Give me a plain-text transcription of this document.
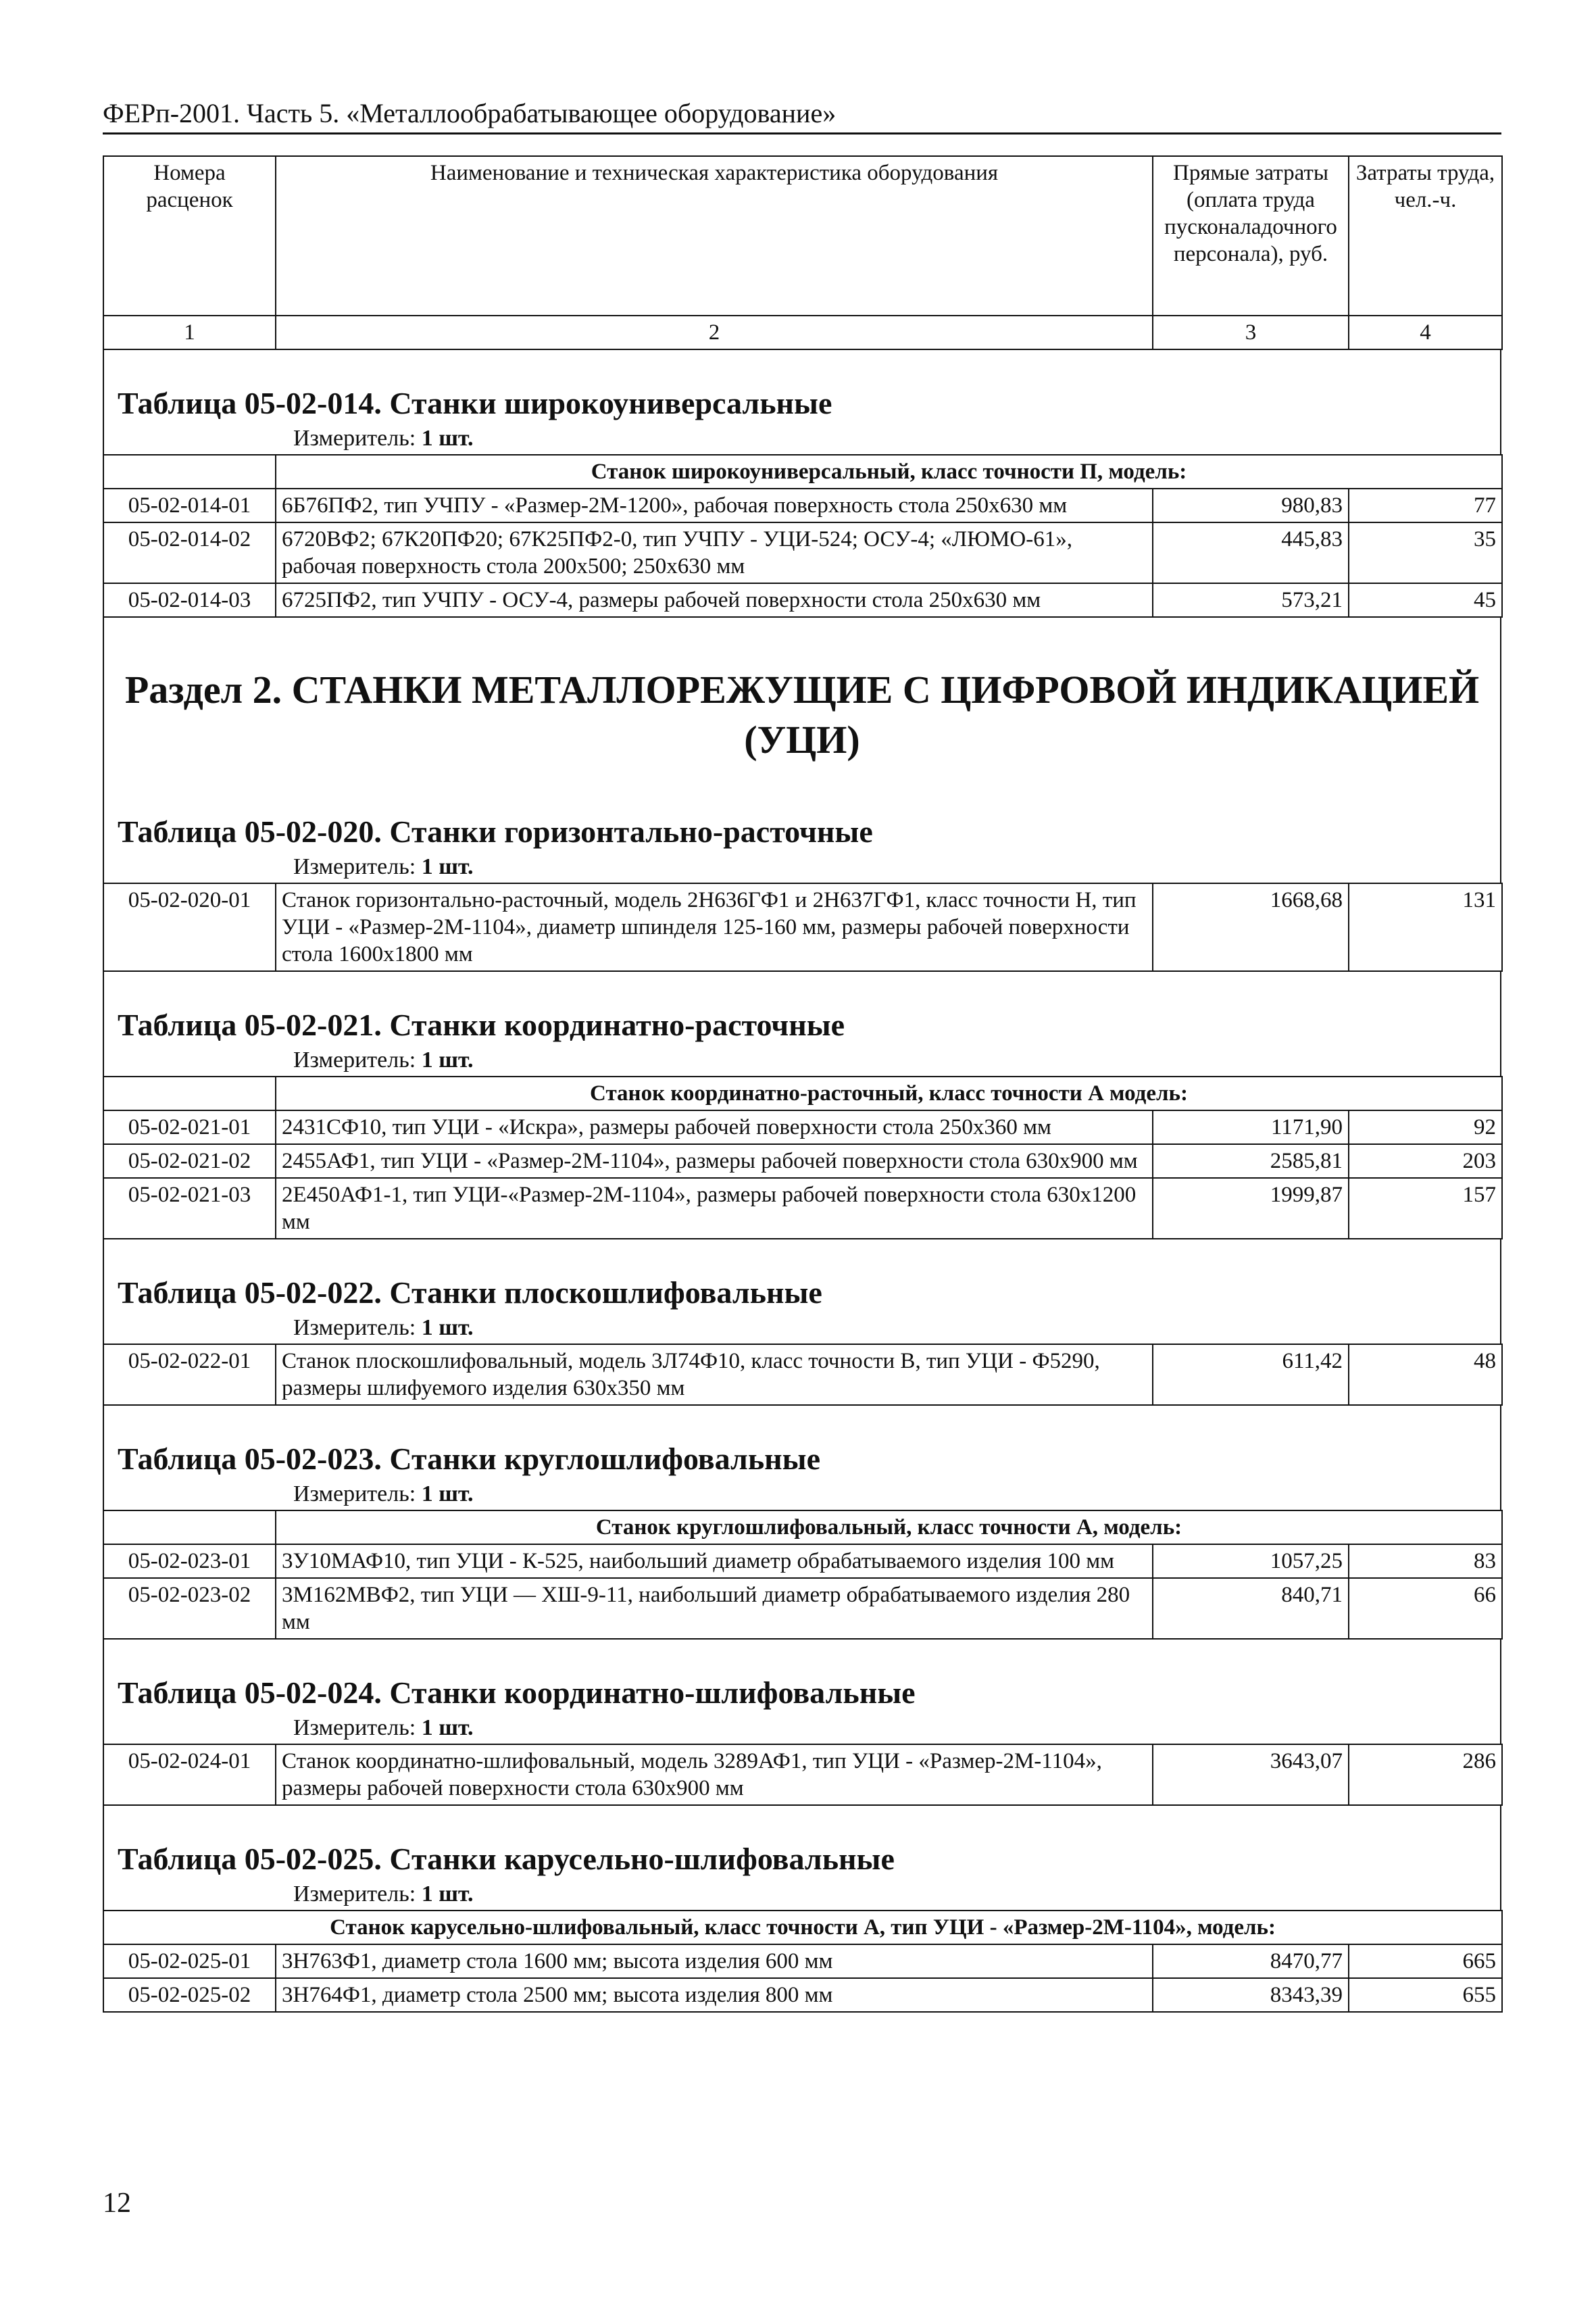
ФЕРп-2001. Часть 5. «Металлообрабатывающее оборудование»
Номера расценок	Наименование и техническая характеристика оборудования	Прямые затраты (оплата труда пусконаладочного персонала), руб.	Затраты труда, чел.-ч.
1	2	3	4
Таблица 05-02-014. Станки широкоуниверсальные
Измеритель: 1 шт.
	Станок широкоуниверсальный, класс точности П, модель:		
05-02-014-01	6Б76ПФ2, тип УЧПУ - «Размер-2М-1200», рабочая поверхность стола 250х630 мм	980,83	77
05-02-014-02	6720ВФ2; 67К20ПФ20; 67К25ПФ2-0, тип УЧПУ - УЦИ-524; ОСУ-4; «ЛЮМО-61», рабочая поверхность стола 200х500; 250х630 мм	445,83	35
05-02-014-03	6725ПФ2, тип УЧПУ - ОСУ-4, размеры рабочей поверхности стола 250х630 мм	573,21	45
Раздел 2. СТАНКИ МЕТАЛЛОРЕЖУЩИЕ С ЦИФРОВОЙ ИНДИКАЦИЕЙ (УЦИ)
Таблица 05-02-020. Станки горизонтально-расточные
Измеритель: 1 шт.
05-02-020-01	Станок горизонтально-расточный, модель 2Н636ГФ1 и 2Н637ГФ1, класс точности Н, тип УЦИ - «Размер-2М-1104», диаметр шпинделя 125-160 мм, размеры рабочей поверхности стола 1600х1800 мм	1668,68	131
Таблица 05-02-021. Станки координатно-расточные
Измеритель: 1 шт.
	Станок координатно-расточный, класс точности А модель:		
05-02-021-01	2431СФ10, тип УЦИ - «Искра», размеры рабочей поверхности стола 250х360 мм	1171,90	92
05-02-021-02	2455АФ1, тип УЦИ - «Размер-2М-1104», размеры рабочей поверхности стола 630х900 мм	2585,81	203
05-02-021-03	2Е450АФ1-1, тип УЦИ-«Размер-2М-1104», размеры рабочей поверхности стола 630х1200 мм	1999,87	157
Таблица 05-02-022. Станки плоскошлифовальные
Измеритель: 1 шт.
05-02-022-01	Станок плоскошлифовальный, модель 3Л74Ф10, класс точности В, тип УЦИ - Ф5290, размеры шлифуемого изделия 630х350 мм	611,42	48
Таблица 05-02-023. Станки круглошлифовальные
Измеритель: 1 шт.
	Станок круглошлифовальный, класс точности А, модель:		
05-02-023-01	3У10МАФ10, тип УЦИ - К-525, наибольший диаметр обрабатываемого изделия 100 мм	1057,25	83
05-02-023-02	3М162МВФ2, тип УЦИ — ХШ-9-11, наибольший диаметр обрабатываемого изделия 280 мм	840,71	66
Таблица 05-02-024. Станки координатно-шлифовальные
Измеритель: 1 шт.
05-02-024-01	Станок координатно-шлифовальный, модель 3289АФ1, тип УЦИ - «Размер-2М-1104», размеры рабочей поверхности стола 630х900 мм	3643,07	286
Таблица 05-02-025. Станки карусельно-шлифовальные
Измеритель: 1 шт.
Станок карусельно-шлифовальный, класс точности А, тип УЦИ - «Размер-2М-1104», модель:			
05-02-025-01	3Н763Ф1, диаметр стола 1600 мм; высота изделия 600 мм	8470,77	665
05-02-025-02	3Н764Ф1, диаметр стола 2500 мм; высота изделия 800 мм	8343,39	655
12
